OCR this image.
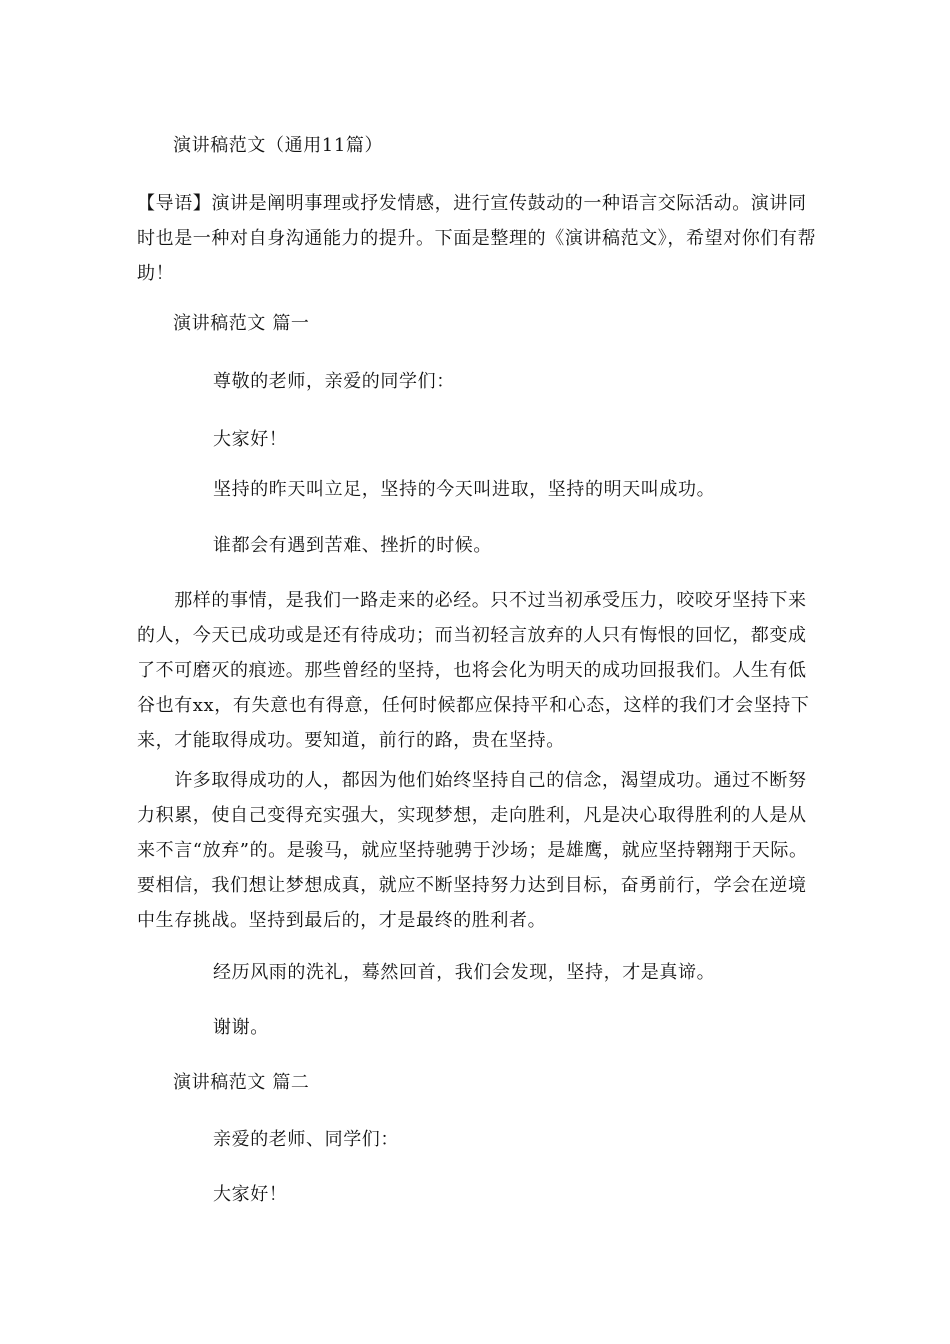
演讲稿范文（通用11篇）
【导语】演讲是阐明事理或抒发情感，进行宣传鼓动的一种语言交际活动。演讲同时也是一种对自身沟通能力的提升。下面是整理的《演讲稿范文》，希望对你们有帮助！
演讲稿范文 篇一
尊敬的老师，亲爱的同学们：
大家好！
坚持的昨天叫立足，坚持的今天叫进取，坚持的明天叫成功。
谁都会有遇到苦难、挫折的时候。
　　那样的事情，是我们一路走来的必经。只不过当初承受压力，咬咬牙坚持下来的人，今天已成功或是还有待成功；而当初轻言放弃的人只有悔恨的回忆，都变成了不可磨灭的痕迹。那些曾经的坚持，也将会化为明天的成功回报我们。人生有低谷也有xx，有失意也有得意，任何时候都应保持平和心态，这样的我们才会坚持下来，才能取得成功。要知道，前行的路，贵在坚持。
　　许多取得成功的人，都因为他们始终坚持自己的信念，渴望成功。通过不断努力积累，使自己变得充实强大，实现梦想，走向胜利，凡是决心取得胜利的人是从来不言“放弃”的。是骏马，就应坚持驰骋于沙场；是雄鹰，就应坚持翱翔于天际。要相信，我们想让梦想成真，就应不断坚持努力达到目标，奋勇前行，学会在逆境中生存挑战。坚持到最后的，才是最终的胜利者。
经历风雨的洗礼，蓦然回首，我们会发现，坚持，才是真谛。
谢谢。
演讲稿范文 篇二
亲爱的老师、同学们：
大家好！
